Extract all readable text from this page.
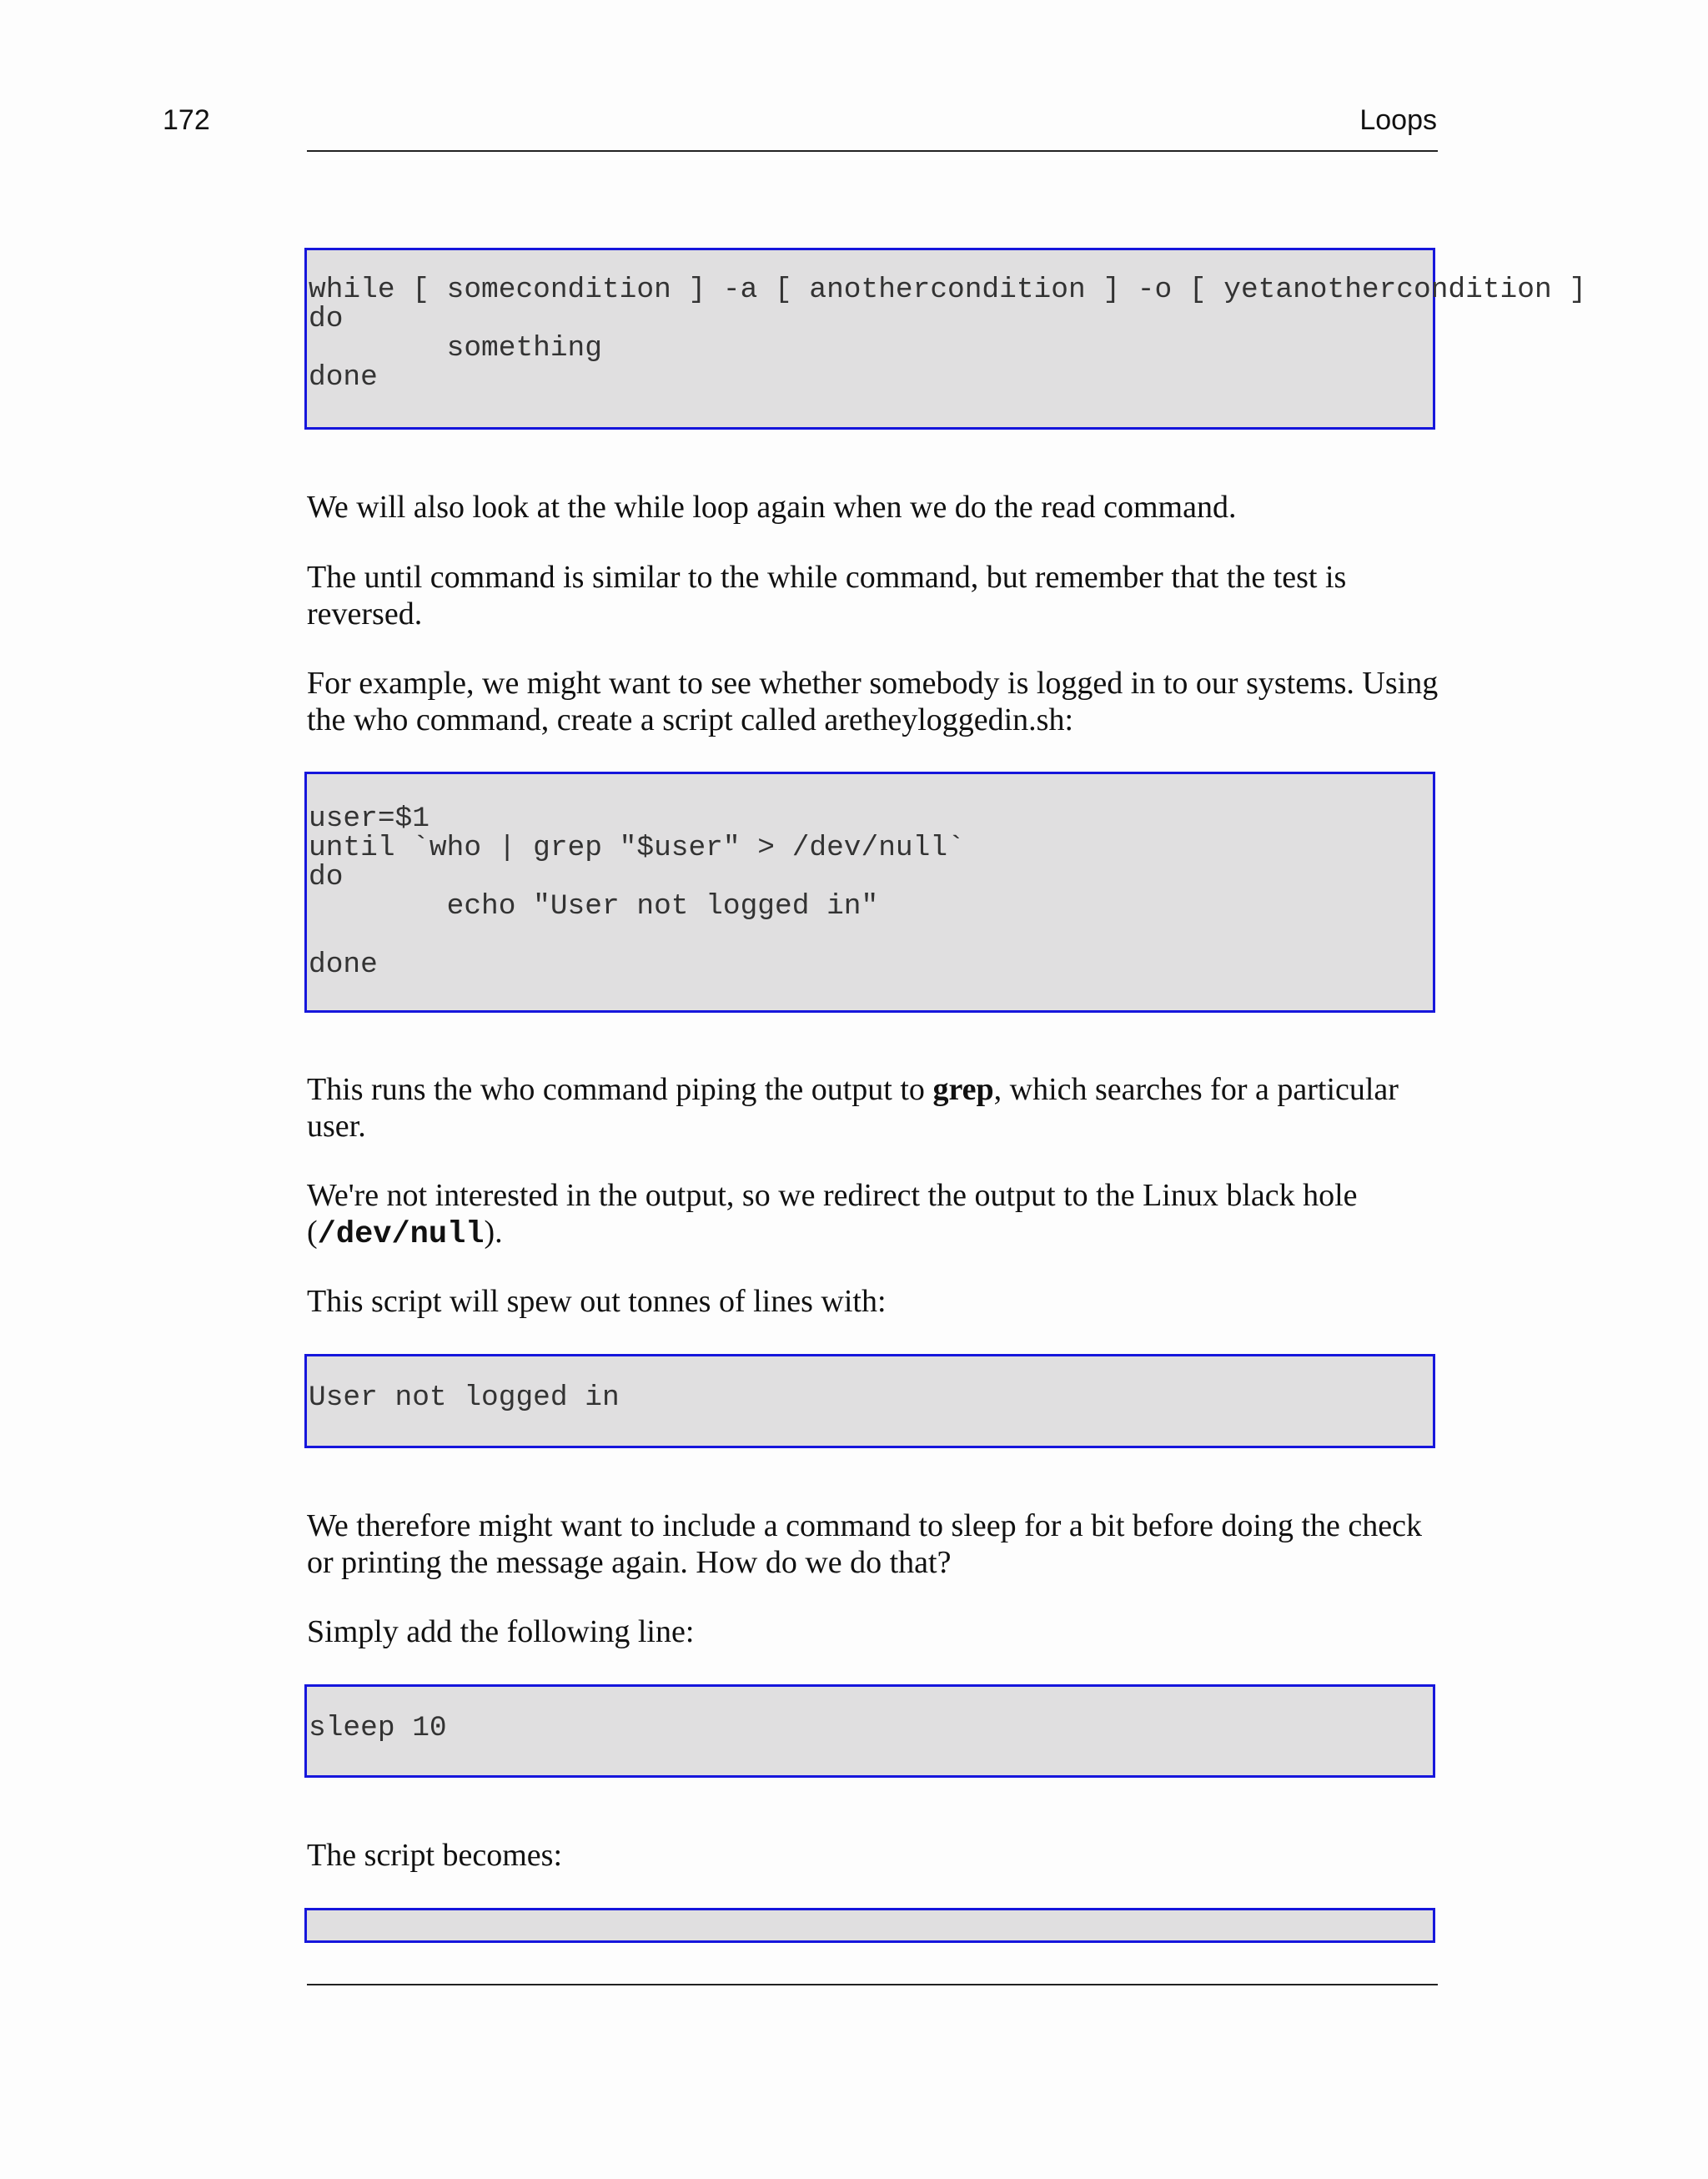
172	Loops
while [ somecondition ] -a [ anothercondition ] -o [ yetanothercondition ]
do
something
done

We will also look at the while loop again when we do the read command.

The until command is similar to the while command, but remember that the test is reversed.

For example, we might want to see whether somebody is logged in to our systems. Using the who command, create a script called aretheyloggedin.sh:

user=$1
until `who | grep "$user" > /dev/null`
do
echo "User not logged in"

done

This runs the who command piping the output to grep, which searches for a particular user.

We're not interested in the output, so we redirect the output to the Linux black hole (/dev/null).

This script will spew out tonnes of lines with:

User not logged in

We therefore might want to include a command to sleep for a bit before doing the check or printing the message again. How do we do that?

Simply add the following line:

sleep 10

The script becomes:
